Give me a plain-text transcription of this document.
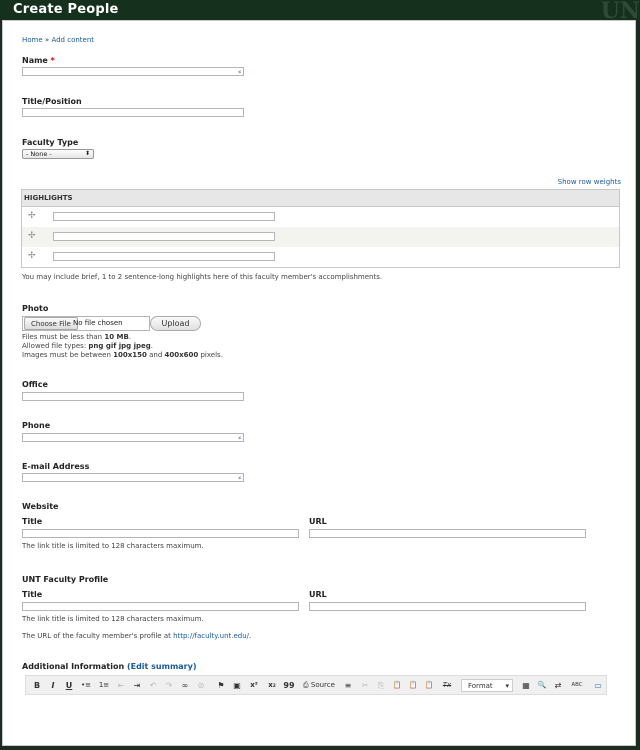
Create People	UN
Home » Add content
Name *
⸗
Title/Position
Faculty Type
- None -	⬍
Show row weights
HIGHLIGHTS
✢
✢
✢
You may include brief, 1 to 2 sentence-long highlights here of this faculty member's accomplishments.
Photo
Choose File No file chosen	Upload
Files must be less than 10 MB.
Allowed file types: png gif jpg jpeg.
Images must be between 100x150 and 400x600 pixels.
Office
Phone
⸗
E-mail Address
⸗
Website
Title	URL
The link title is limited to 128 characters maximum.
UNT Faculty Profile
Title	URL
The link title is limited to 128 characters maximum.
The URL of the faculty member's profile at http://faculty.unt.edu/.
Additional Information (Edit summary)
B	I	U	•≡ 1≡	⇤	⇥	↶	↷	∞	⊘	⚑	▣	x²	x₂ 99	⎙ Source	≡	✂	⎘	📋 📋 📋	Tx	Format ▾ ▦	🔍	⇄	ABC	▭
